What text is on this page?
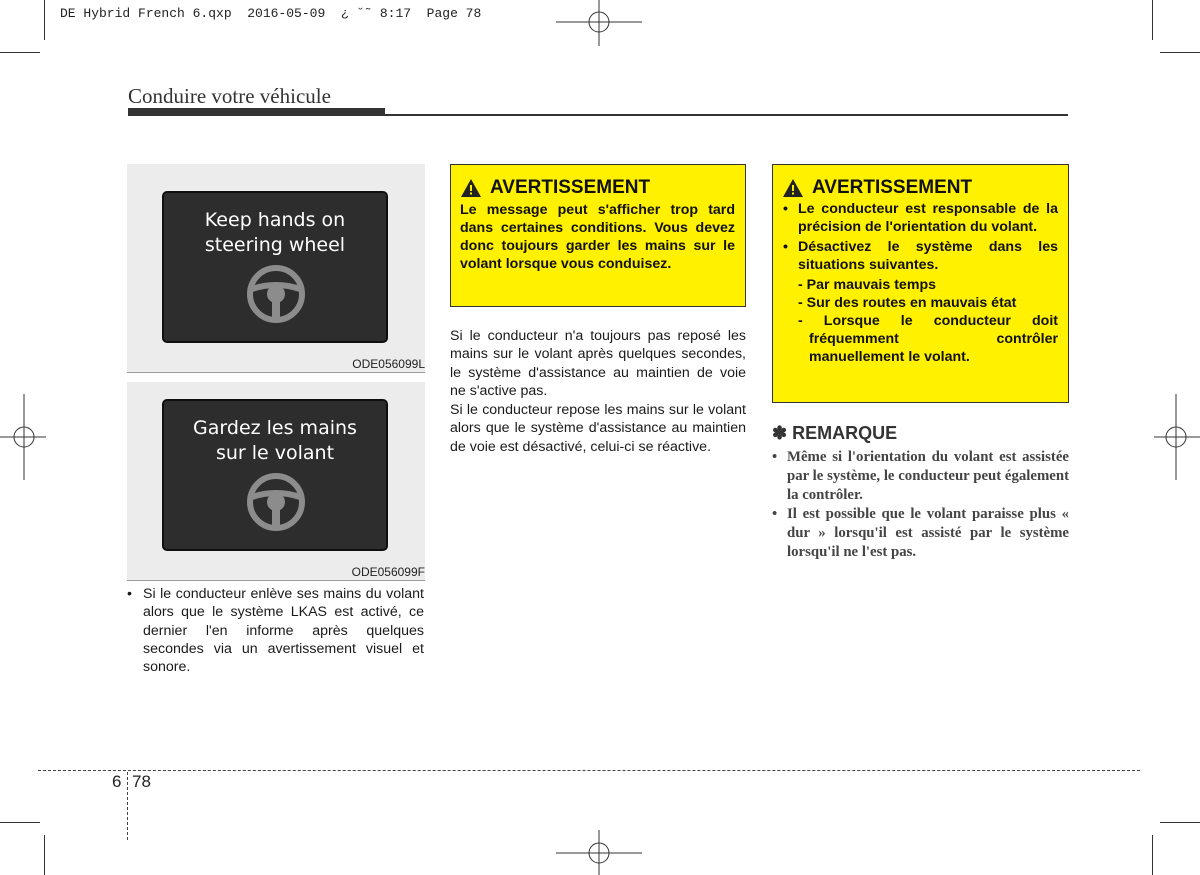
DE Hybrid French 6.qxp  2016-05-09  ¿ ˘˜ 8:17  Page 78
Conduire votre véhicule
Keep hands on
steering wheel
ODE056099L
Gardez les mains
sur le volant
ODE056099F
• Si le conducteur enlève ses mains du volant alors que le système LKAS est activé, ce dernier l'en informe après quelques secondes via un avertissement visuel et sonore.
AVERTISSEMENT
Le message peut s'afficher trop tard dans certaines conditions. Vous devez donc toujours garder les mains sur le volant lorsque vous conduisez.
Si le conducteur n'a toujours pas reposé les mains sur le volant après quelques secondes, le système d'assistance au maintien de voie ne s'active pas.
Si le conducteur repose les mains sur le volant alors que le système d'assistance au maintien de voie est désactivé, celui-ci se réactive.
AVERTISSEMENT
• Le conducteur est responsable de la précision de l'orientation du volant.
• Désactivez le système dans les situations suivantes.
- Par mauvais temps
- Sur des routes en mauvais état
- Lorsque le conducteur doit fréquemment contrôler manuellement le volant.
✽ REMARQUE
• Même si l'orientation du volant est assistée par le système, le conducteur peut également la contrôler.
• Il est possible que le volant paraisse plus « dur » lorsqu'il est assisté par le système lorsqu'il ne l'est pas.
6 78
